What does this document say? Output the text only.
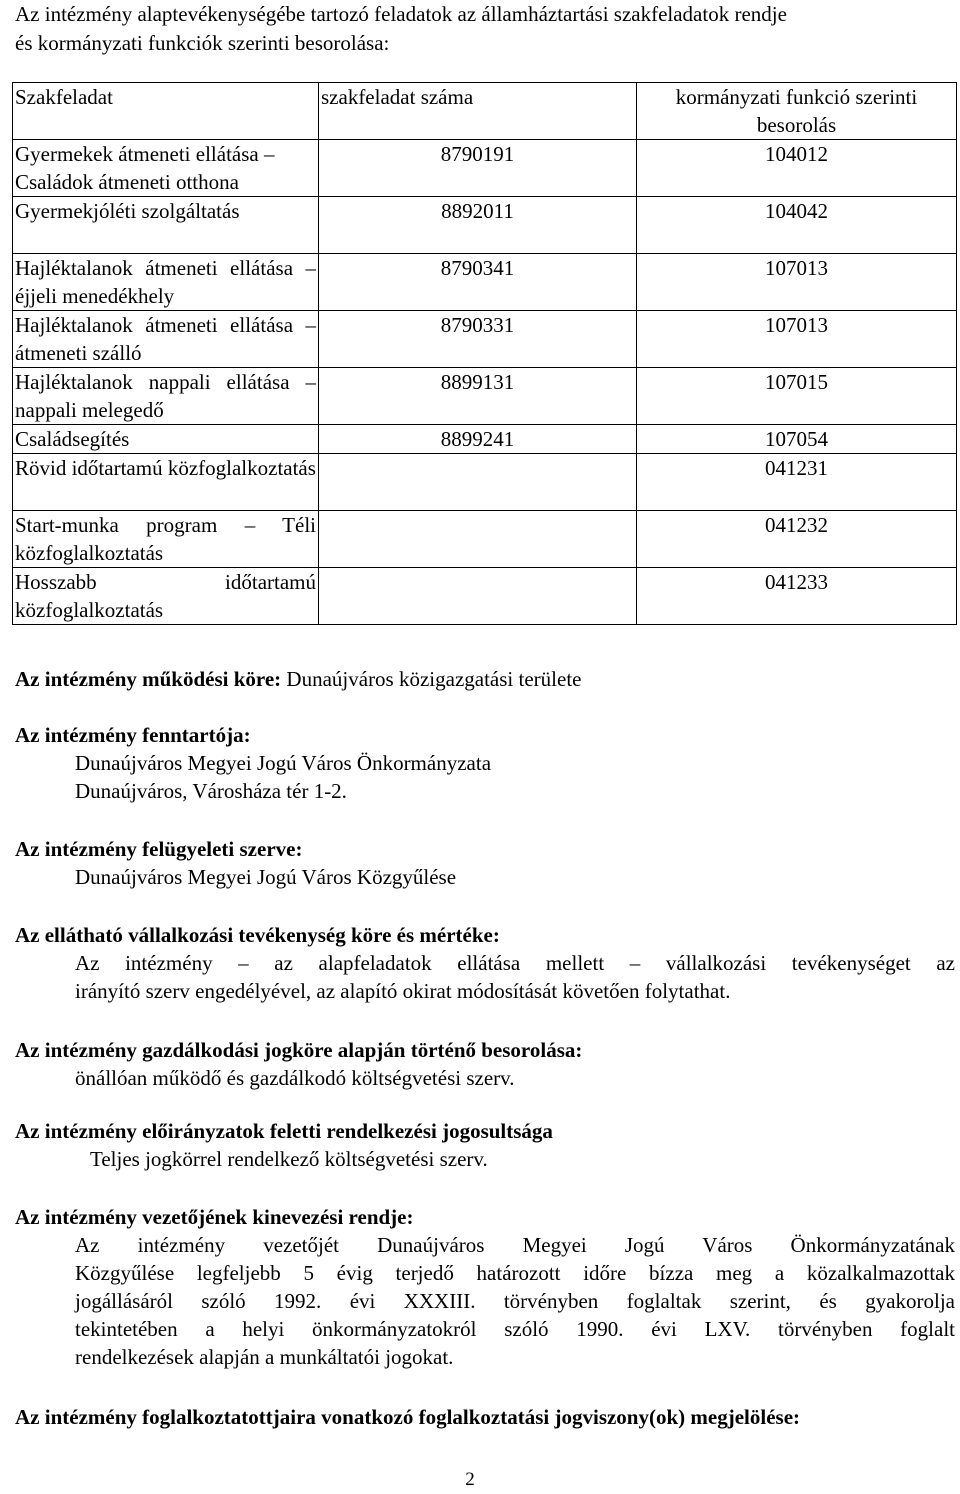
Az intézmény alaptevékenységébe tartozó feladatok az államháztartási szakfeladatok rendje
és kormányzati funkciók szerinti besorolása:
Szakfeladat	szakfeladat száma	kormányzati funkció szerinti besorolás
Gyermekek átmeneti ellátása – Családok átmeneti otthona	8790191	104012
Gyermekjóléti szolgáltatás	8892011	104042
Hajléktalanok átmeneti ellátása – éjjeli menedékhely	8790341	107013
Hajléktalanok átmeneti ellátása – átmeneti szálló	8790331	107013
Hajléktalanok nappali ellátása – nappali melegedő	8899131	107015
Családsegítés	8899241	107054
Rövid időtartamú közfoglalkoztatás		041231
Start-munka program – Téli közfoglalkoztatás		041232
Hosszabb időtartamú közfoglalkoztatás		041233
Az intézmény működési köre: Dunaújváros közigazgatási területe
Az intézmény fenntartója:
Dunaújváros Megyei Jogú Város Önkormányzata
Dunaújváros, Városháza tér 1-2.
Az intézmény felügyeleti szerve:
Dunaújváros Megyei Jogú Város Közgyűlése
Az ellátható vállalkozási tevékenység köre és mértéke:
Az intézmény – az alapfeladatok ellátása mellett – vállalkozási tevékenységet az
irányító szerv engedélyével, az alapító okirat módosítását követően folytathat.
Az intézmény gazdálkodási jogköre alapján történő besorolása:
önállóan működő és gazdálkodó költségvetési szerv.
Az intézmény előirányzatok feletti rendelkezési jogosultsága
Teljes jogkörrel rendelkező költségvetési szerv.
Az intézmény vezetőjének kinevezési rendje:
Az intézmény vezetőjét Dunaújváros Megyei Jogú Város Önkormányzatának
Közgyűlése legfeljebb 5 évig terjedő határozott időre bízza meg a közalkalmazottak
jogállásáról szóló 1992. évi XXXIII. törvényben foglaltak szerint, és gyakorolja
tekintetében a helyi önkormányzatokról szóló 1990. évi LXV. törvényben foglalt
rendelkezések alapján a munkáltatói jogokat.
Az intézmény foglalkoztatottjaira vonatkozó foglalkoztatási jogviszony(ok) megjelölése:
2
